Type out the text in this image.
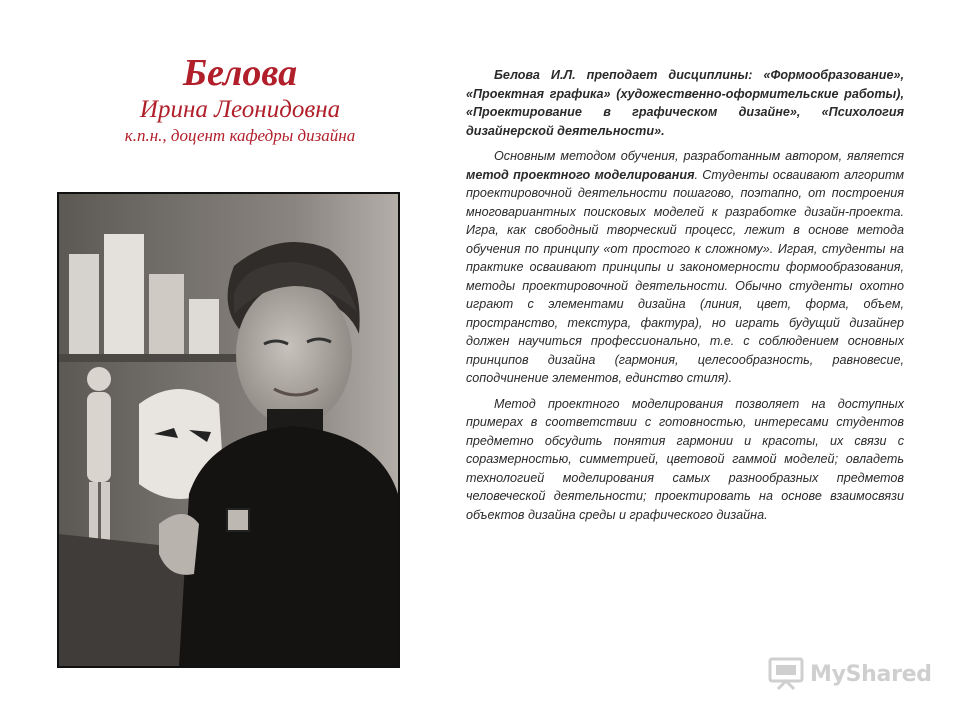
Белова
Ирина Леонидовна
к.п.н., доцент кафедры дизайна

Белова И.Л. преподает дисциплины: «Формообразование», «Проектная графика» (художественно-оформительские работы), «Проектирование в графическом дизайне», «Психология дизайнерской деятельности».

Основным методом обучения, разработанным автором, является метод проектного моделирования. Студенты осваивают алгоритм проектировочной деятельности пошагово, поэтапно, от построения многовариантных поисковых моделей к разработке дизайн-проекта. Игра, как свободный творческий процесс, лежит в основе метода обучения по принципу «от простого к сложному». Играя, студенты на практике осваивают принципы и закономерности формообразования, методы проектировочной деятельности. Обычно студенты охотно играют с элементами дизайна (линия, цвет, форма, объем, пространство, текстура, фактура), но играть будущий дизайнер должен научиться профессионально, т.е. с соблюдением основных принципов дизайна (гармония, целесообразность, равновесие, соподчинение элементов, единство стиля).

Метод проектного моделирования позволяет на доступных примерах в соответствии с готовностью, интересами студентов предметно обсудить понятия гармонии и красоты, их связи с соразмерностью, симметрией, цветовой гаммой моделей; овладеть технологией моделирования самых разнообразных предметов человеческой деятельности; проектировать на основе взаимосвязи объектов дизайна среды и графического дизайна.

MyShared
